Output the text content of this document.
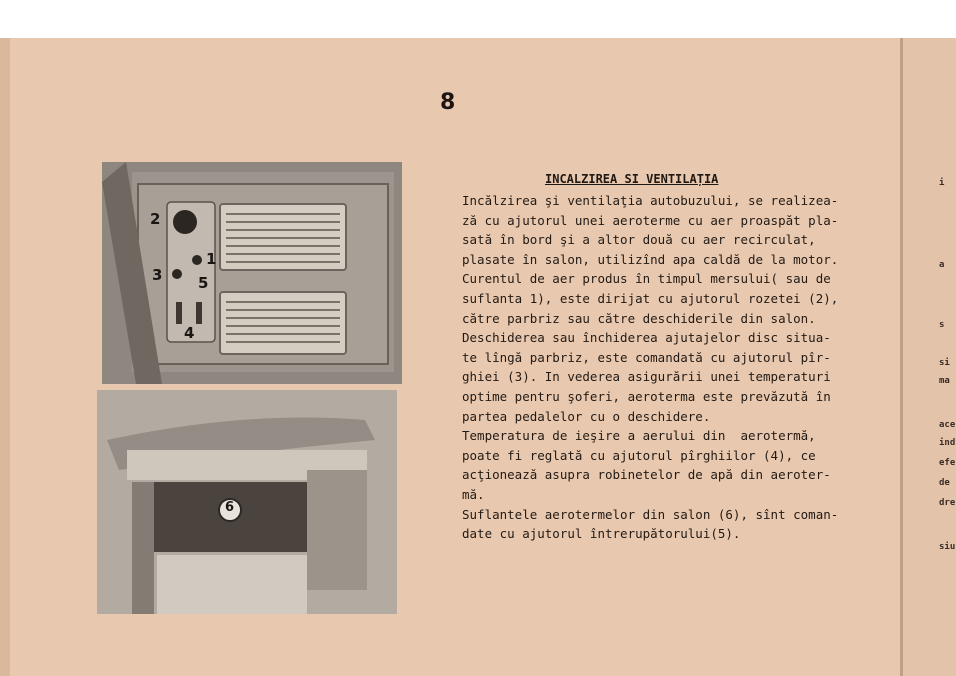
8
2
1
3 5
4
6
INCALZIREA SI VENTILAȚIA
Incălzirea şi ventilaţia autobuzului, se realizea-
ză cu ajutorul unei aeroterme cu aer proaspăt pla-
sată în bord şi a altor două cu aer recirculat,
plasate în salon, utilizînd apa caldă de la motor.
Curentul de aer produs în timpul mersului( sau de
suflanta 1), este dirijat cu ajutorul rozetei (2),
către parbriz sau către deschiderile din salon.
Deschiderea sau închiderea ajutajelor disc situa-
te lîngă parbriz, este comandată cu ajutorul pîr-
ghiei (3). In vederea asigurării unei temperaturi
optime pentru şoferi, aeroterma este prevăzută în
partea pedalelor cu o deschidere.
Temperatura de ieşire a aerului din  aerotermă,
poate fi reglată cu ajutorul pîrghiilor (4), ce
acţionează asupra robinetelor de apă din aeroter-
mă.
Suflantele aerotermelor din salon (6), sînt coman-
date cu ajutorul întrerupătorului(5).
i
a
s
si
ma
ace
ind
efe
de
dre
siu
